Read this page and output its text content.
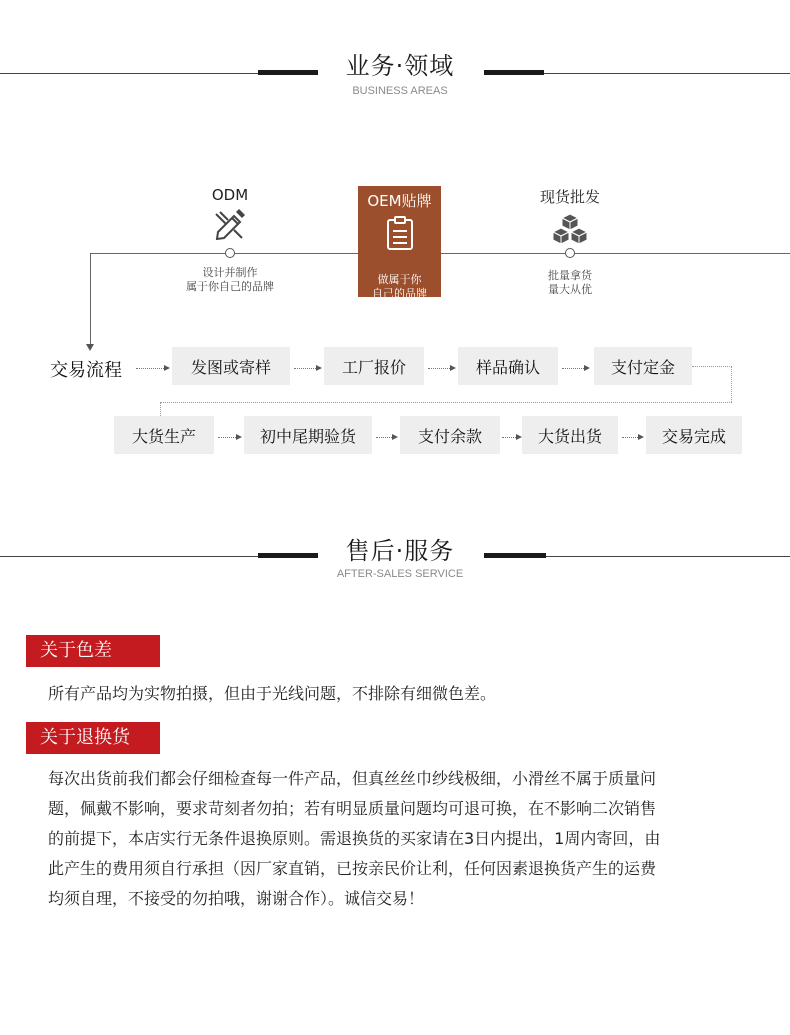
业务·领域
BUSINESS AREAS
ODM
设计并制作
属于你自己的品牌
OEM贴牌
做属于你
自己的品牌
现货批发
批量拿货
量大从优
交易流程	发图或寄样	工厂报价	样品确认	支付定金
大货生产	初中尾期验货	支付余款	大货出货	交易完成
售后·服务
AFTER-SALES SERVICE
关于色差
所有产品均为实物拍摄，但由于光线问题，不排除有细微色差。
关于退换货
每次出货前我们都会仔细检查每一件产品，但真丝丝巾纱线极细，小滑丝不属于质量问
题，佩戴不影响，要求苛刻者勿拍；若有明显质量问题均可退可换，在不影响二次销售
的前提下，本店实行无条件退换原则。需退换货的买家请在3日内提出，1周内寄回，由
此产生的费用须自行承担（因厂家直销，已按亲民价让利，任何因素退换货产生的运费
均须自理，不接受的勿拍哦，谢谢合作）。诚信交易！
